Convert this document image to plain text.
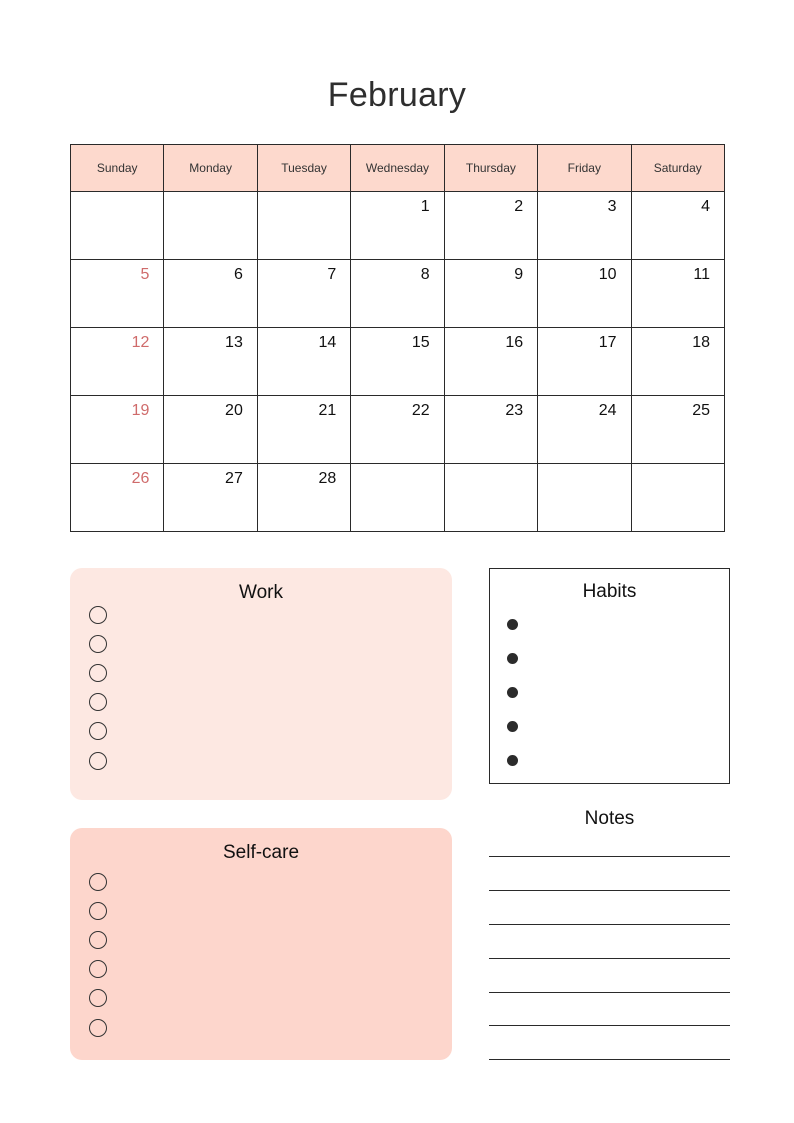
February
Sunday	Monday	Tuesday	Wednesday	Thursday	Friday	Saturday
			1	2	3	4
5	6	7	8	9	10	11
12	13	14	15	16	17	18
19	20	21	22	23	24	25
26	27	28				
Work
Self-care
Habits
Notes
